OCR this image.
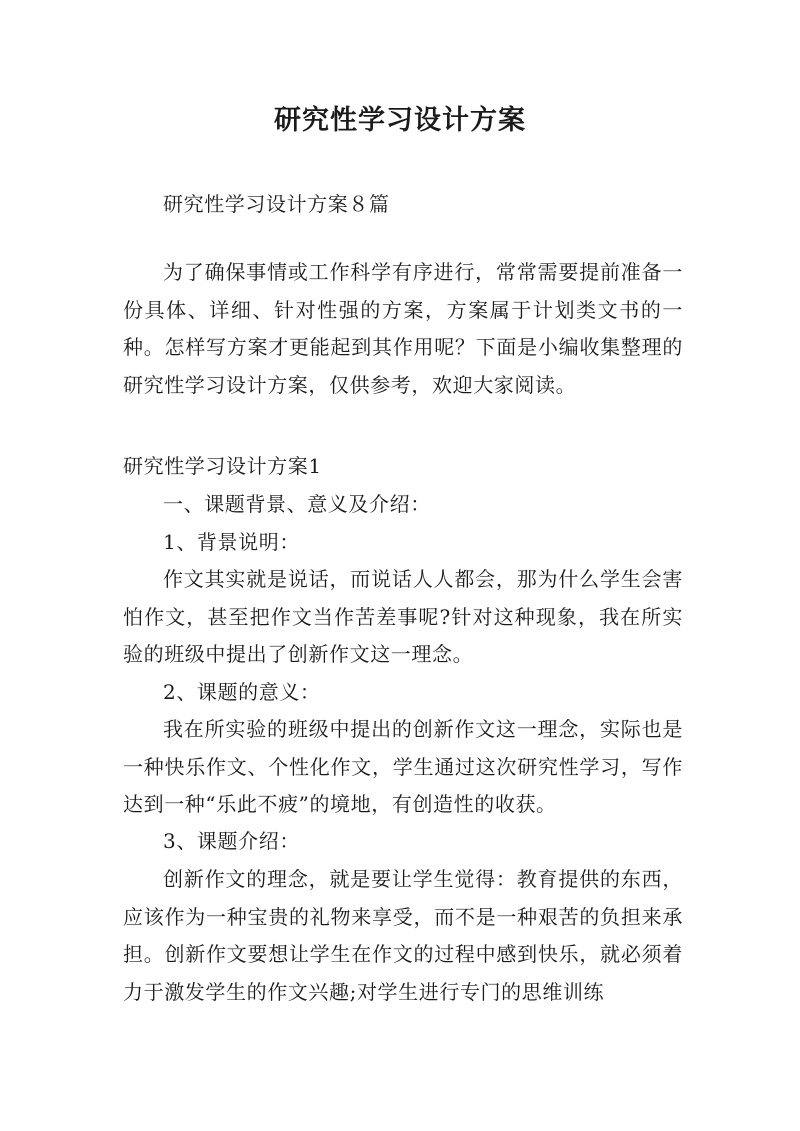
研究性学习设计方案

研究性学习设计方案８篇

为了确保事情或工作科学有序进行，常常需要提前准备一份具体、详细、针对性强的方案，方案属于计划类文书的一种。怎样写方案才更能起到其作用呢？下面是小编收集整理的研究性学习设计方案，仅供参考，欢迎大家阅读。

研究性学习设计方案1

一、课题背景、意义及介绍：

1、背景说明：

作文其实就是说话，而说话人人都会，那为什么学生会害怕作文，甚至把作文当作苦差事呢?针对这种现象，我在所实验的班级中提出了创新作文这一理念。

2、课题的意义：

我在所实验的班级中提出的创新作文这一理念，实际也是一种快乐作文、个性化作文，学生通过这次研究性学习，写作达到一种“乐此不疲”的境地，有创造性的收获。

3、课题介绍：

创新作文的理念，就是要让学生觉得：教育提供的东西，应该作为一种宝贵的礼物来享受，而不是一种艰苦的负担来承担。创新作文要想让学生在作文的过程中感到快乐，就必须着力于激发学生的作文兴趣;对学生进行专门的思维训练
